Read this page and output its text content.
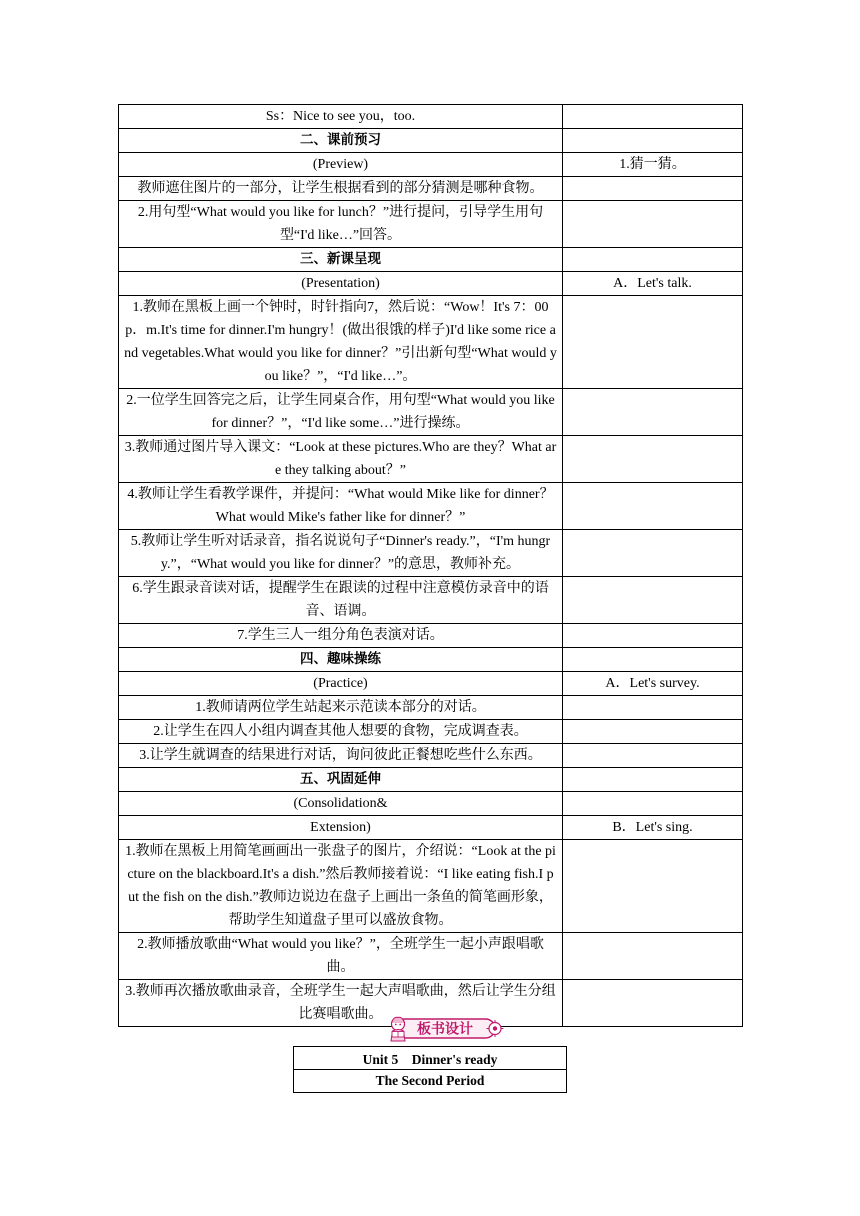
Ss：Nice to see you，too.	
二、课前预习	
(Preview)	1.猜一猜。
教师遮住图片的一部分，让学生根据看到的部分猜测是哪种食物。	
2.用句型“What would you like for lunch？”进行提问，引导学生用句型“I'd like…”回答。	
三、新课呈现	
(Presentation)	A．Let's talk.
1.教师在黑板上画一个钟时，时针指向7，然后说：“Wow！It's 7：00 p．m.It's time for dinner.I'm hungry！(做出很饿的样子)I'd like some rice and vegetables.What would you like for dinner？”引出新句型“What would you like？”，“I'd like…”。	
2.一位学生回答完之后，让学生同桌合作，用句型“What would you like for dinner？”，“I'd like some…”进行操练。	
3.教师通过图片导入课文：“Look at these pictures.Who are they？What are they talking about？”	
4.教师让学生看教学课件，并提问：“What would Mike like for dinner？What would Mike's father like for dinner？”	
5.教师让学生听对话录音，指名说说句子“Dinner's ready.”，“I'm hungry.”，“What would you like for dinner？”的意思，教师补充。	
6.学生跟录音读对话，提醒学生在跟读的过程中注意模仿录音中的语音、语调。	
7.学生三人一组分角色表演对话。	
四、趣味操练	
(Practice)	A．Let's survey.
1.教师请两位学生站起来示范读本部分的对话。	
2.让学生在四人小组内调查其他人想要的食物，完成调查表。	
3.让学生就调查的结果进行对话，询问彼此正餐想吃些什么东西。	
五、巩固延伸	
(Consolidation&	
Extension)	B．Let's sing.
1.教师在黑板上用简笔画画出一张盘子的图片，介绍说：“Look at the picture on the blackboard.It's a dish.”然后教师接着说：“I like eating fish.I put the fish on the dish.”教师边说边在盘子上画出一条鱼的简笔画形象，帮助学生知道盘子里可以盛放食物。	
2.教师播放歌曲“What would you like？”，全班学生一起小声跟唱歌曲。	
3.教师再次播放歌曲录音，全班学生一起大声唱歌曲，然后让学生分组比赛唱歌曲。	
板书设计
Unit 5　Dinner's ready
The Second Period
